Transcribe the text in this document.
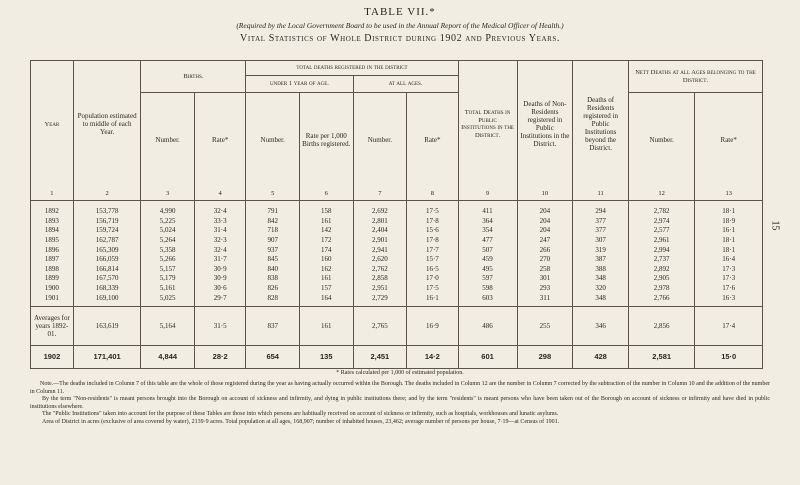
TABLE VII.*
(Required by the Local Government Board to be used in the Annual Report of the Medical Officer of Health.)
Vital Statistics of Whole District during 1902 and Previous Years.
15
Year	Population estimated to middle of each Year.	Births.		total deaths registered in the district				Total Deaths in Public Institutions in the District.	Deaths of Non-Residents registered in Public Institutions in the District.	Deaths of Residents registered in Public Institutions beyond the District.	Nett Deaths at all Ages belonging to the District.	
				under 1 year of age.		at all ages.						
		Number.	Rate*	Number.	Rate per 1,000 Births registered.	Number.	Rate*				Number.	Rate*
1	2	3	4	5	6	7	8	9	10	11	12	13
1892	153,778	4,990	32·4	791	158	2,692	17·5	411	204	294	2,782	18·1
1893	156,719	5,225	33·3	842	161	2,801	17·8	364	204	377	2,974	18·9
1894	159,724	5,024	31·4	718	142	2,404	15·6	354	204	377	2,577	16·1
1895	162,787	5,264	32·3	907	172	2,901	17·8	477	247	307	2,961	18·1
1896	165,309	5,358	32·4	937	174	2,941	17·7	507	266	319	2,994	18·1
1897	166,059	5,266	31·7	845	160	2,620	15·7	459	270	387	2,737	16·4
1898	166,814	5,157	30·9	840	162	2,762	16·5	495	258	388	2,892	17·3
1899	167,570	5,179	30·9	838	161	2,858	17·0	597	301	348	2,905	17·3
1900	168,339	5,161	30·6	826	157	2,951	17·5	598	293	320	2,978	17·6
1901	169,100	5,025	29·7	828	164	2,729	16·1	603	311	348	2,766	16·3
Averages for years 1892-01.	163,619	5,164	31·5	837	161	2,765	16·9	486	255	346	2,856	17·4
1902	171,401	4,844	28·2	654	135	2,451	14·2	601	298	428	2,581	15·0
* Rates calculated per 1,000 of estimated population.

Note.—The deaths included in Column 7 of this table are the whole of those registered during the year as having actually occurred within the Borough. The deaths included in Column 12 are the number in Column 7 corrected by the subtraction of the number in Column 10 and the addition of the number in Column 11.

By the term "Non-residents" is meant persons brought into the Borough on account of sickness and infirmity, and dying in public institutions there; and by the term "residents" is meant persons who have been taken out of the Borough on account of sickness or infirmity and have died in public institutions elsewhere.

The "Public Institutions" taken into account for the purpose of these Tables are those into which persons are habitually received on account of sickness or infirmity, such as hospitals, workhouses and lunatic asylums.

Area of District in acres (exclusive of area covered by water), 2139·9 acres. Total population at all ages, 168,907; number of inhabited houses, 23,462; average number of persons per house, 7·19—at Census of 1901.
